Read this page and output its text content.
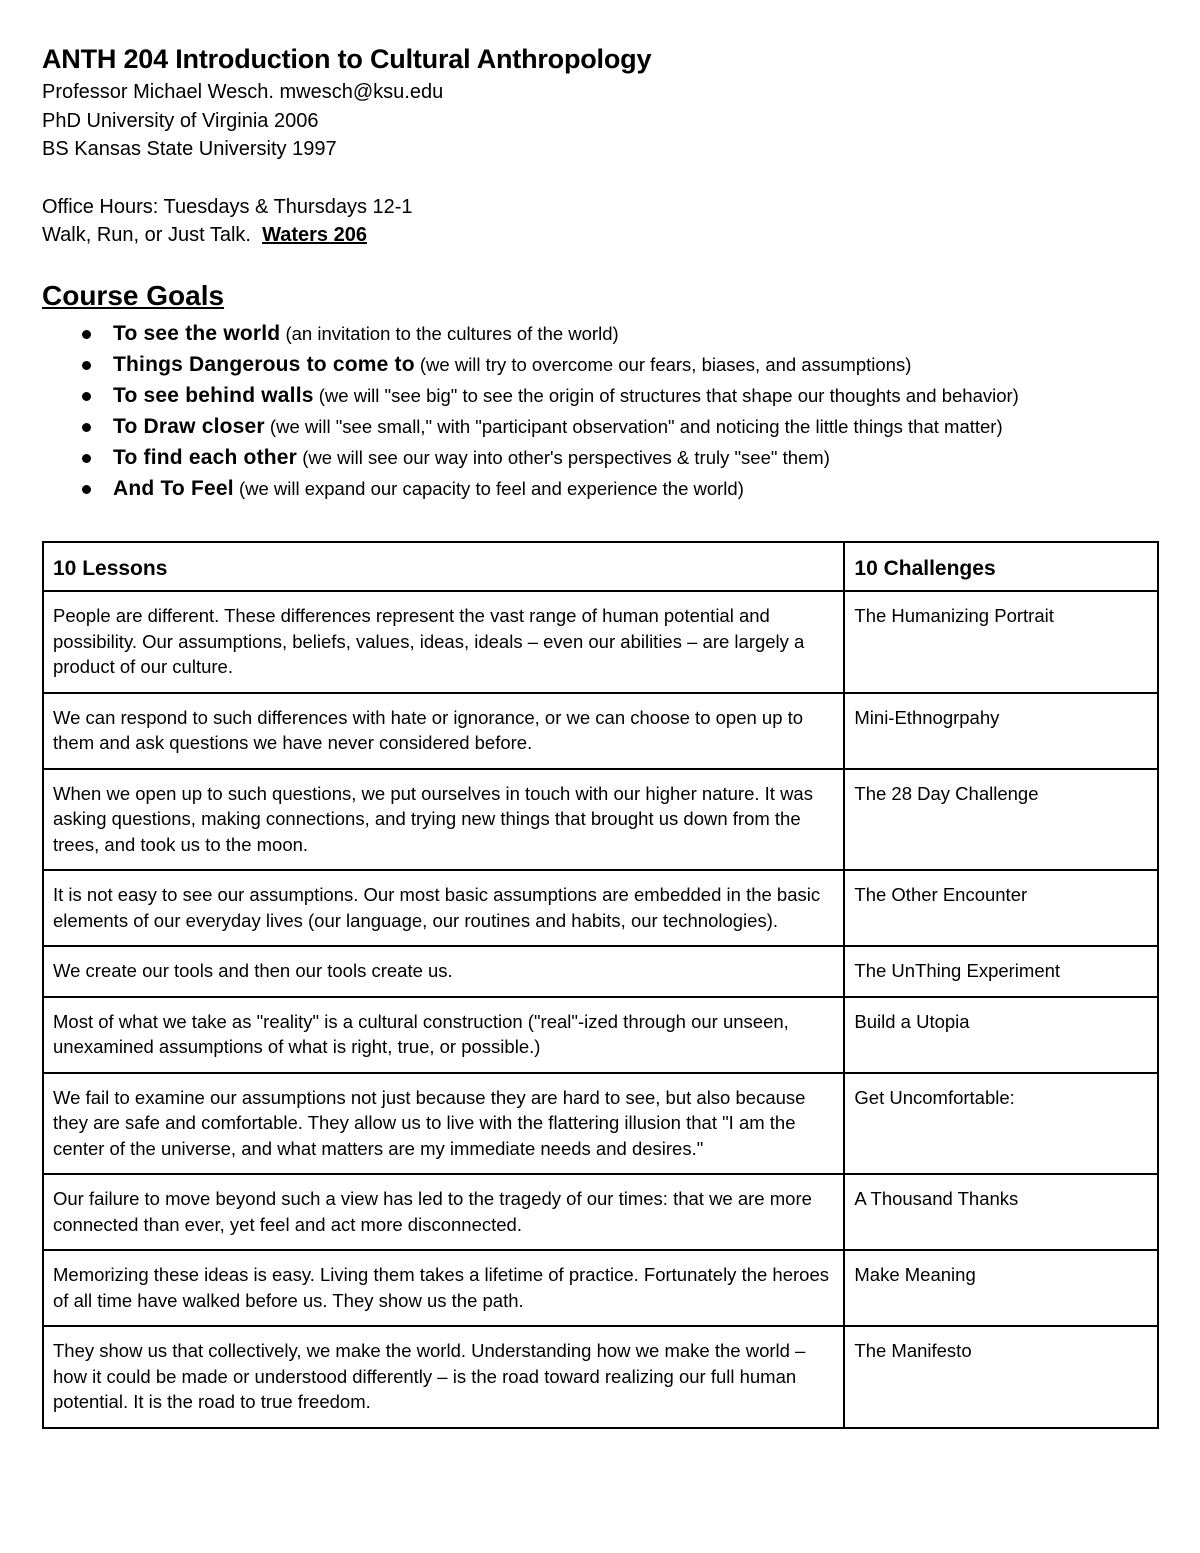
ANTH 204 Introduction to Cultural Anthropology

Professor Michael Wesch. mwesch@ksu.edu

PhD University of Virginia 2006

BS Kansas State University 1997

Office Hours: Tuesdays & Thursdays 12-1

Walk, Run, or Just Talk.  Waters 206

Course Goals
To see the world (an invitation to the cultures of the world)
Things Dangerous to come to (we will try to overcome our fears, biases, and assumptions)
To see behind walls (we will "see big" to see the origin of structures that shape our thoughts and behavior)
To Draw closer (we will "see small," with "participant observation" and noticing the little things that matter)
To find each other (we will see our way into other's perspectives & truly "see" them)
And To Feel (we will expand our capacity to feel and experience the world)
10 Lessons	10 Challenges
People are different. These differences represent the vast range of human potential and possibility. Our assumptions, beliefs, values, ideas, ideals – even our abilities – are largely a product of our culture.	The Humanizing Portrait
We can respond to such differences with hate or ignorance, or we can choose to open up to them and ask questions we have never considered before.	Mini-Ethnogrpahy
When we open up to such questions, we put ourselves in touch with our higher nature. It was asking questions, making connections, and trying new things that brought us down from the trees, and took us to the moon.	The 28 Day Challenge
It is not easy to see our assumptions. Our most basic assumptions are embedded in the basic elements of our everyday lives (our language, our routines and habits, our technologies).	The Other Encounter
We create our tools and then our tools create us.	The UnThing Experiment
Most of what we take as "reality" is a cultural construction ("real"-ized through our unseen, unexamined assumptions of what is right, true, or possible.)	Build a Utopia
We fail to examine our assumptions not just because they are hard to see, but also because they are safe and comfortable. They allow us to live with the flattering illusion that "I am the center of the universe, and what matters are my immediate needs and desires."	Get Uncomfortable:
Our failure to move beyond such a view has led to the tragedy of our times: that we are more connected than ever, yet feel and act more disconnected.	A Thousand Thanks
Memorizing these ideas is easy. Living them takes a lifetime of practice. Fortunately the heroes of all time have walked before us. They show us the path.	Make Meaning
They show us that collectively, we make the world. Understanding how we make the world – how it could be made or understood differently – is the road toward realizing our full human potential. It is the road to true freedom.	The Manifesto
